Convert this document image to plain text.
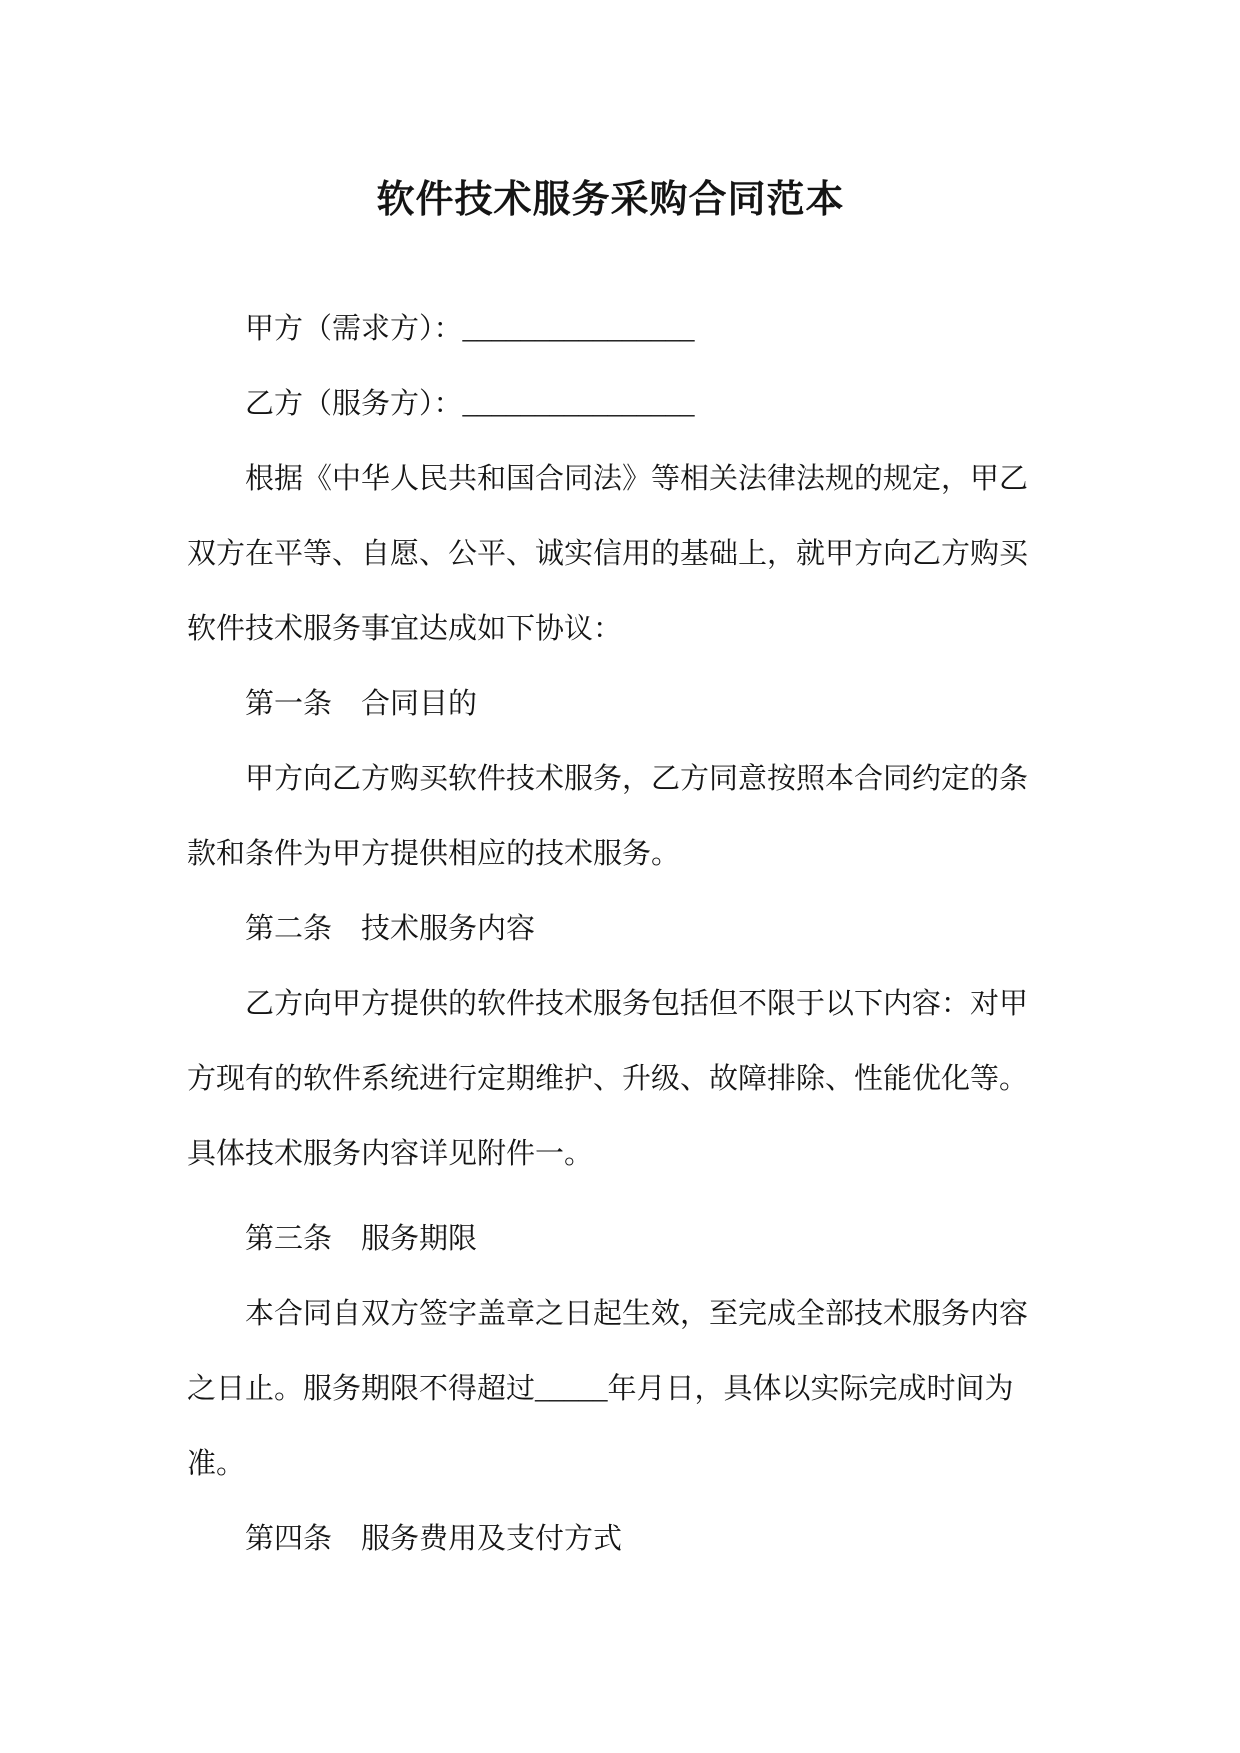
软件技术服务采购合同范本

甲方（需求方）：________________

乙方（服务方）：________________

根据《中华人民共和国合同法》等相关法律法规的规定，甲乙双方在平等、自愿、公平、诚实信用的基础上，就甲方向乙方购买软件技术服务事宜达成如下协议：

第一条　合同目的

甲方向乙方购买软件技术服务，乙方同意按照本合同约定的条款和条件为甲方提供相应的技术服务。

第二条　技术服务内容

乙方向甲方提供的软件技术服务包括但不限于以下内容：对甲方现有的软件系统进行定期维护、升级、故障排除、性能优化等。具体技术服务内容详见附件一。

第三条　服务期限

本合同自双方签字盖章之日起生效，至完成全部技术服务内容之日止。服务期限不得超过_____年月日，具体以实际完成时间为准。

第四条　服务费用及支付方式
